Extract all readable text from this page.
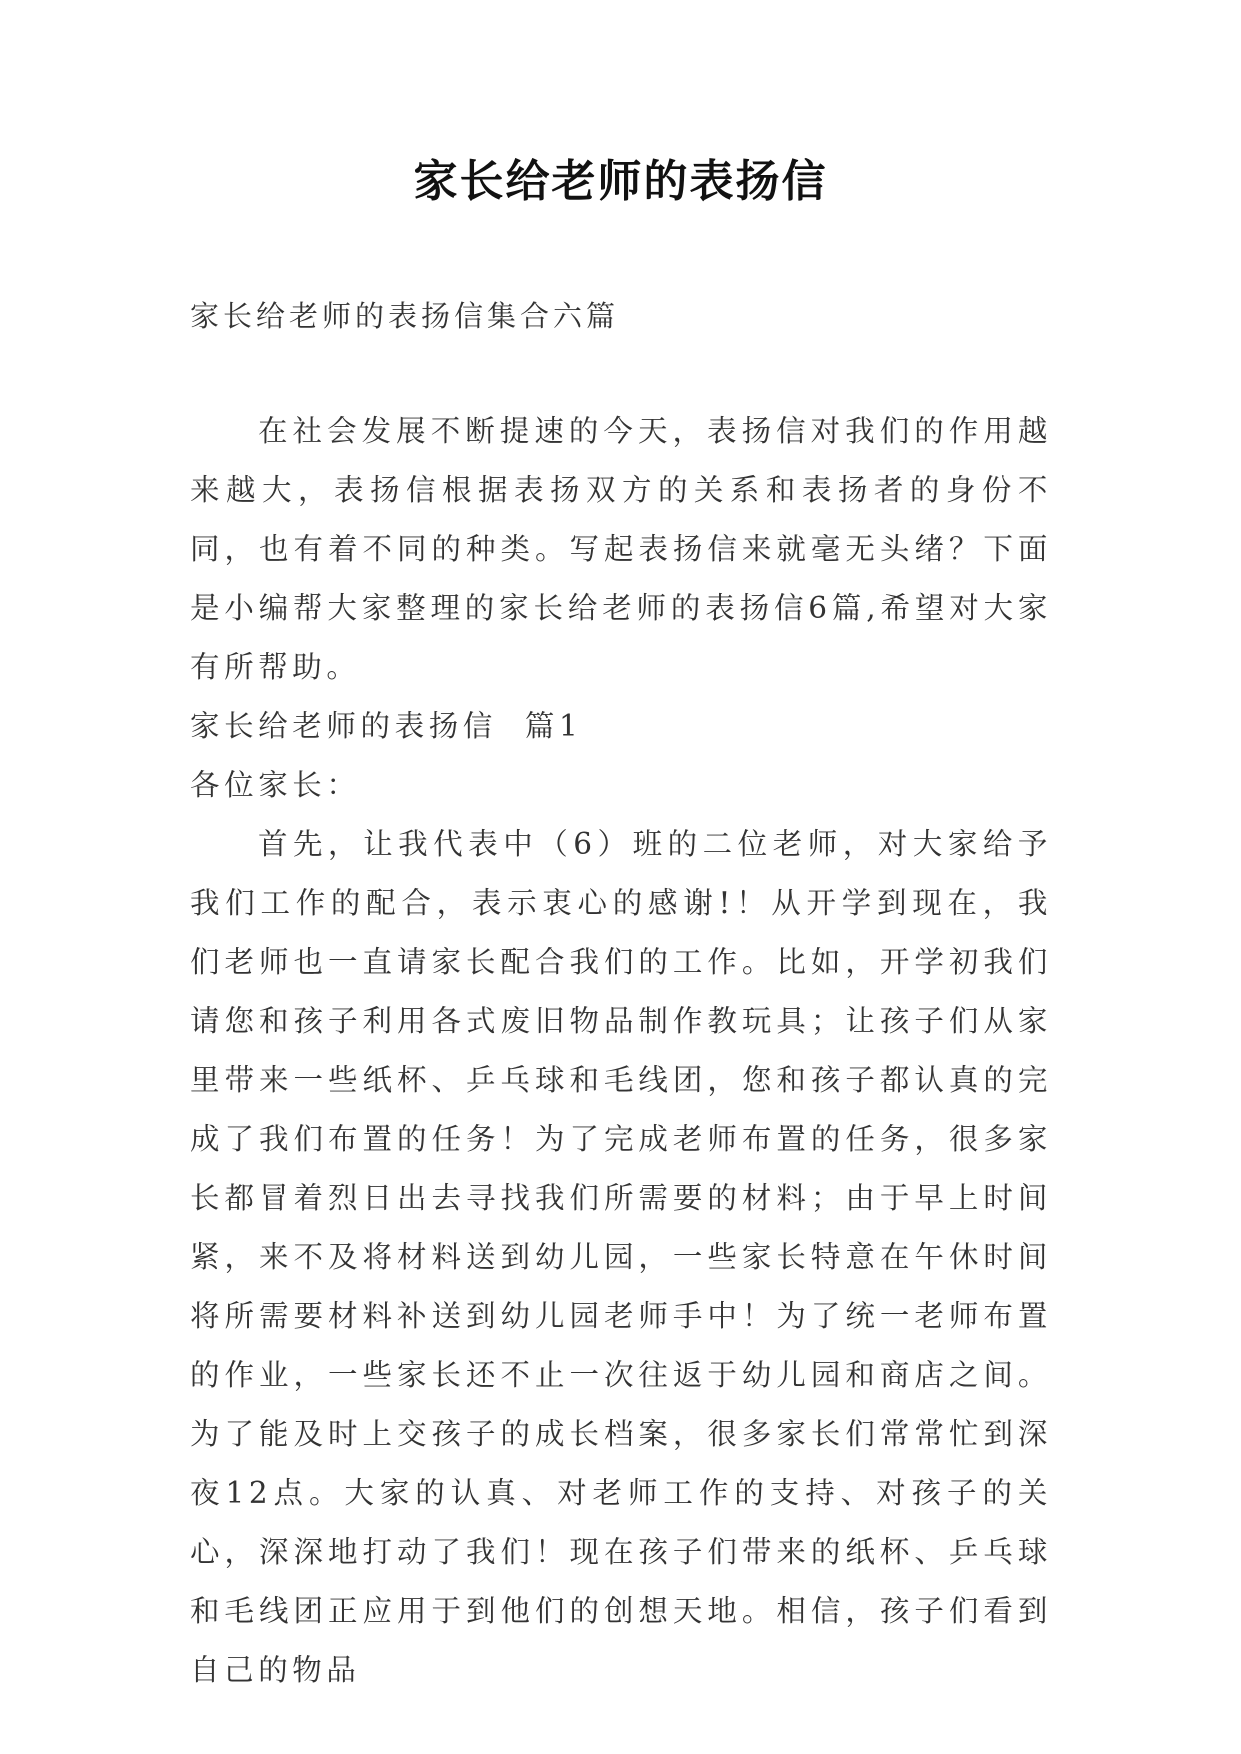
家长给老师的表扬信
家长给老师的表扬信集合六篇

在社会发展不断提速的今天，表扬信对我们的作用越来越大，表扬信根据表扬双方的关系和表扬者的身份不同，也有着不同的种类。写起表扬信来就毫无头绪？下面是小编帮大家整理的家长给老师的表扬信6篇,希望对大家有所帮助。

家长给老师的表扬信  篇1

各位家长：

首先，让我代表中（6）班的二位老师，对大家给予我们工作的配合，表示衷心的感谢!！从开学到现在，我们老师也一直请家长配合我们的工作。比如，开学初我们请您和孩子利用各式废旧物品制作教玩具；让孩子们从家里带来一些纸杯、乒乓球和毛线团，您和孩子都认真的完成了我们布置的任务！为了完成老师布置的任务，很多家长都冒着烈日出去寻找我们所需要的材料；由于早上时间紧，来不及将材料送到幼儿园，一些家长特意在午休时间将所需要材料补送到幼儿园老师手中！为了统一老师布置的作业，一些家长还不止一次往返于幼儿园和商店之间。为了能及时上交孩子的成长档案，很多家长们常常忙到深夜12点。大家的认真、对老师工作的支持、对孩子的关心，深深地打动了我们！现在孩子们带来的纸杯、乒乓球和毛线团正应用于到他们的创想天地。相信，孩子们看到自己的物品
